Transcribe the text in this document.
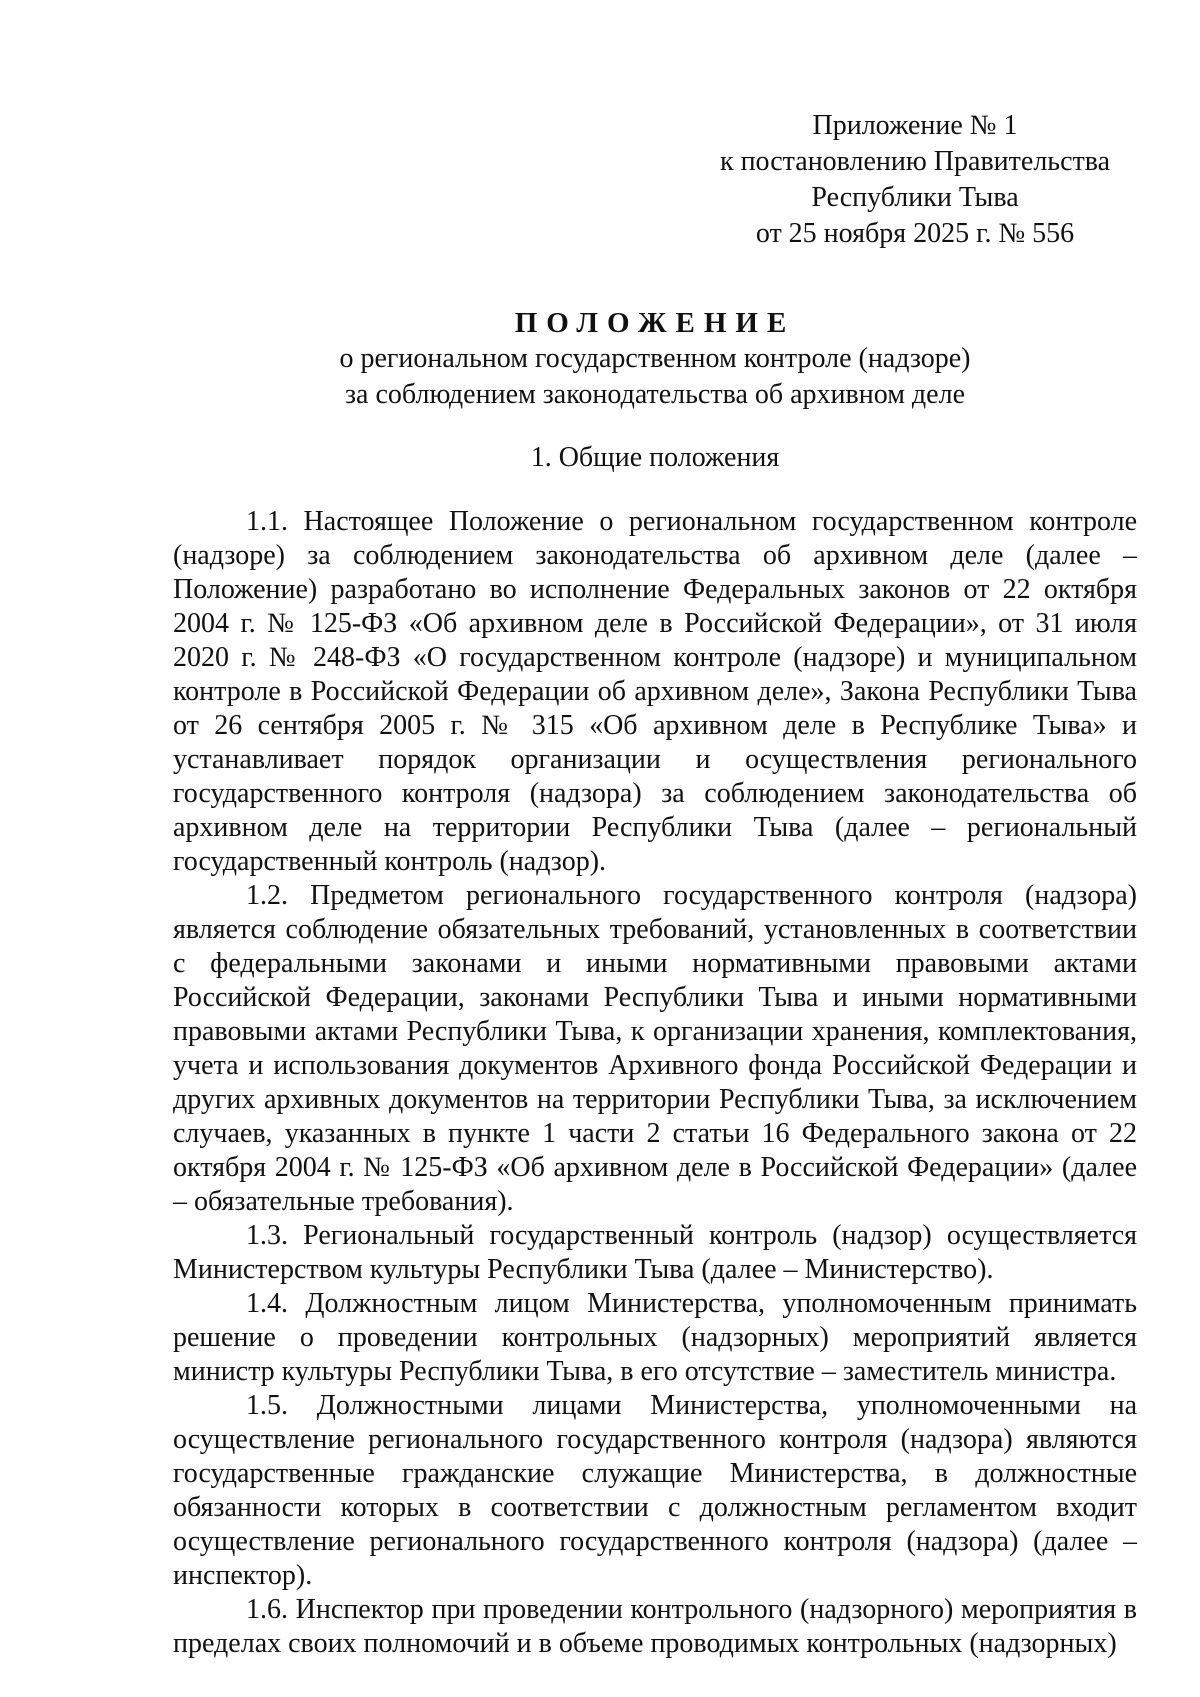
Приложение № 1
к постановлению Правительства
Республики Тыва
от 25 ноября 2025 г. № 556
ПОЛОЖЕНИЕ
о региональном государственном контроле (надзоре)
за соблюдением законодательства об архивном деле
1. Общие положения

1.1. Настоящее Положение о региональном государственном контроле (надзоре) за соблюдением законодательства об архивном деле (далее – Положение) разработано во исполнение Федеральных законов от 22 октября 2004 г. № 125-ФЗ «Об архивном деле в Российской Федерации», от 31 июля 2020 г. № 248-ФЗ «О государственном контроле (надзоре) и муниципальном контроле в Российской Федерации об архивном деле», Закона Республики Тыва от 26 сентября 2005 г. № 315 «Об архивном деле в Республике Тыва» и устанавливает порядок организации и осуществления регионального государственного контроля (надзора) за соблюдением законодательства об архивном деле на территории Республики Тыва (далее – региональный государственный контроль (надзор).

1.2. Предметом регионального государственного контроля (надзора) является соблюдение обязательных требований, установленных в соответствии с федеральными законами и иными нормативными правовыми актами Российской Федерации, законами Республики Тыва и иными нормативными правовыми актами Республики Тыва, к организации хранения, комплектования, учета и использования документов Архивного фонда Российской Федерации и других архивных документов на территории Республики Тыва, за исключением случаев, указанных в пункте 1 части 2 статьи 16 Федерального закона от 22 октября 2004 г. № 125-ФЗ «Об архивном деле в Российской Федерации» (далее – обязательные требования).

1.3. Региональный государственный контроль (надзор) осуществляется Министерством культуры Республики Тыва (далее – Министерство).

1.4. Должностным лицом Министерства, уполномоченным принимать решение о проведении контрольных (надзорных) мероприятий является министр культуры Республики Тыва, в его отсутствие – заместитель министра.

1.5. Должностными лицами Министерства, уполномоченными на осуществление регионального государственного контроля (надзора) являются государственные гражданские служащие Министерства, в должностные обязанности которых в соответствии с должностным регламентом входит осуществление регионального государственного контроля (надзора) (далее – инспектор).

1.6. Инспектор при проведении контрольного (надзорного) мероприятия в пределах своих полномочий и в объеме проводимых контрольных (надзорных)
